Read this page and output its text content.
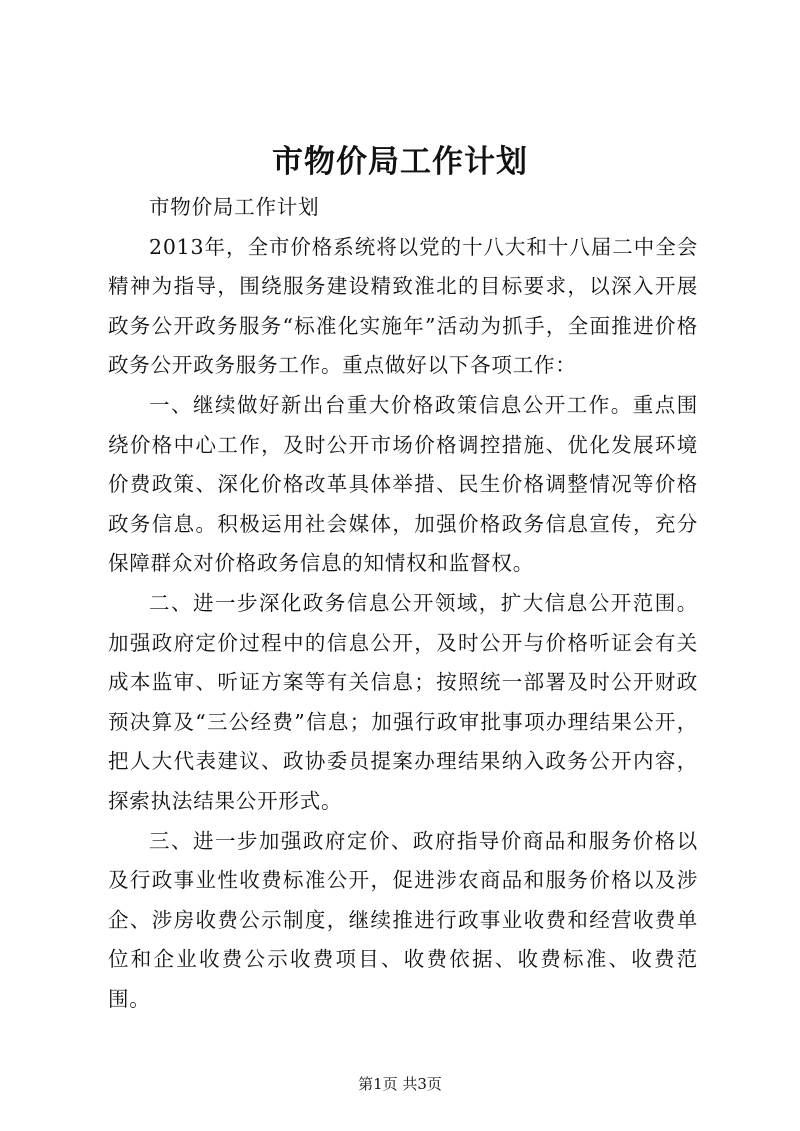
市物价局工作计划

市物价局工作计划

2013年，全市价格系统将以党的十八大和十八届二中全会精神为指导，围绕服务建设精致淮北的目标要求，以深入开展政务公开政务服务“标准化实施年”活动为抓手，全面推进价格政务公开政务服务工作。重点做好以下各项工作：

一、继续做好新出台重大价格政策信息公开工作。重点围绕价格中心工作，及时公开市场价格调控措施、优化发展环境价费政策、深化价格改革具体举措、民生价格调整情况等价格政务信息。积极运用社会媒体，加强价格政务信息宣传，充分保障群众对价格政务信息的知情权和监督权。

二、进一步深化政务信息公开领域，扩大信息公开范围。加强政府定价过程中的信息公开，及时公开与价格听证会有关成本监审、听证方案等有关信息；按照统一部署及时公开财政预决算及“三公经费”信息；加强行政审批事项办理结果公开，把人大代表建议、政协委员提案办理结果纳入政务公开内容，探索执法结果公开形式。

三、进一步加强政府定价、政府指导价商品和服务价格以及行政事业性收费标准公开，促进涉农商品和服务价格以及涉企、涉房收费公示制度，继续推进行政事业收费和经营收费单位和企业收费公示收费项目、收费依据、收费标准、收费范围。

第1页 共3页
